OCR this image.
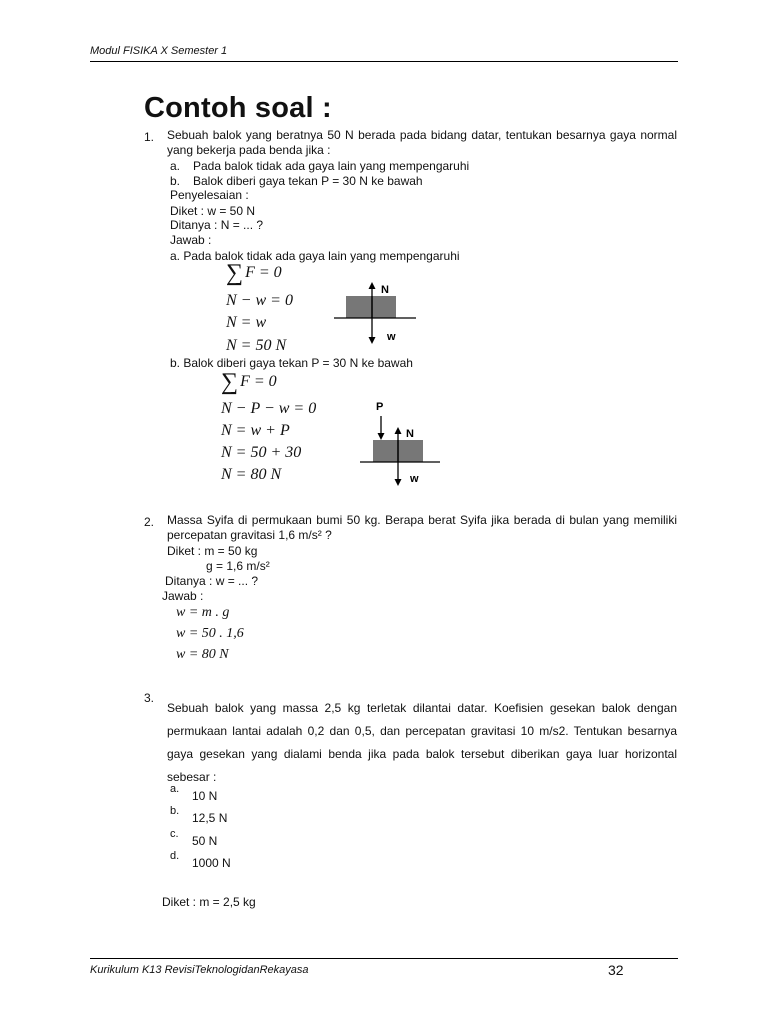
Modul FISIKA X Semester 1
Contoh soal :
1. Sebuah balok yang beratnya 50 N berada pada bidang datar, tentukan besarnya gaya normal yang bekerja pada benda jika :
a. Pada balok tidak ada gaya lain yang mempengaruhi
b. Balok diberi gaya tekan P = 30 N ke bawah
Penyelesaian :
Diket : w = 50 N
Ditanya : N = ... ?
Jawab :
a. Pada balok tidak ada gaya lain yang mempengaruhi
∑ F = 0
N − w = 0
N = w
N = 50 N
N
w
b. Balok diberi gaya tekan P = 30 N ke bawah
∑ F = 0
N − P − w = 0
N = w + P
N = 50 + 30
N = 80 N
P
N
w
2. Massa Syifa di permukaan bumi 50 kg. Berapa berat Syifa jika berada di bulan yang memiliki percepatan gravitasi 1,6 m/s² ?
Diket : m = 50 kg
g = 1,6 m/s²
Ditanya : w = ... ?
Jawab :
w = m . g
w = 50 . 1,6
w = 80 N
3.
Sebuah balok yang massa 2,5 kg terletak dilantai datar. Koefisien gesekan balok dengan permukaan lantai adalah 0,2 dan 0,5, dan percepatan gravitasi 10 m/s2. Tentukan besarnya gaya gesekan yang dialami benda jika pada balok tersebut diberikan gaya luar horizontal sebesar :
a. 10 N
b. 12,5 N
c. 50 N
d. 1000 N
Diket : m = 2,5 kg
Kurikulum K13 RevisiTeknologidanRekayasa	32
